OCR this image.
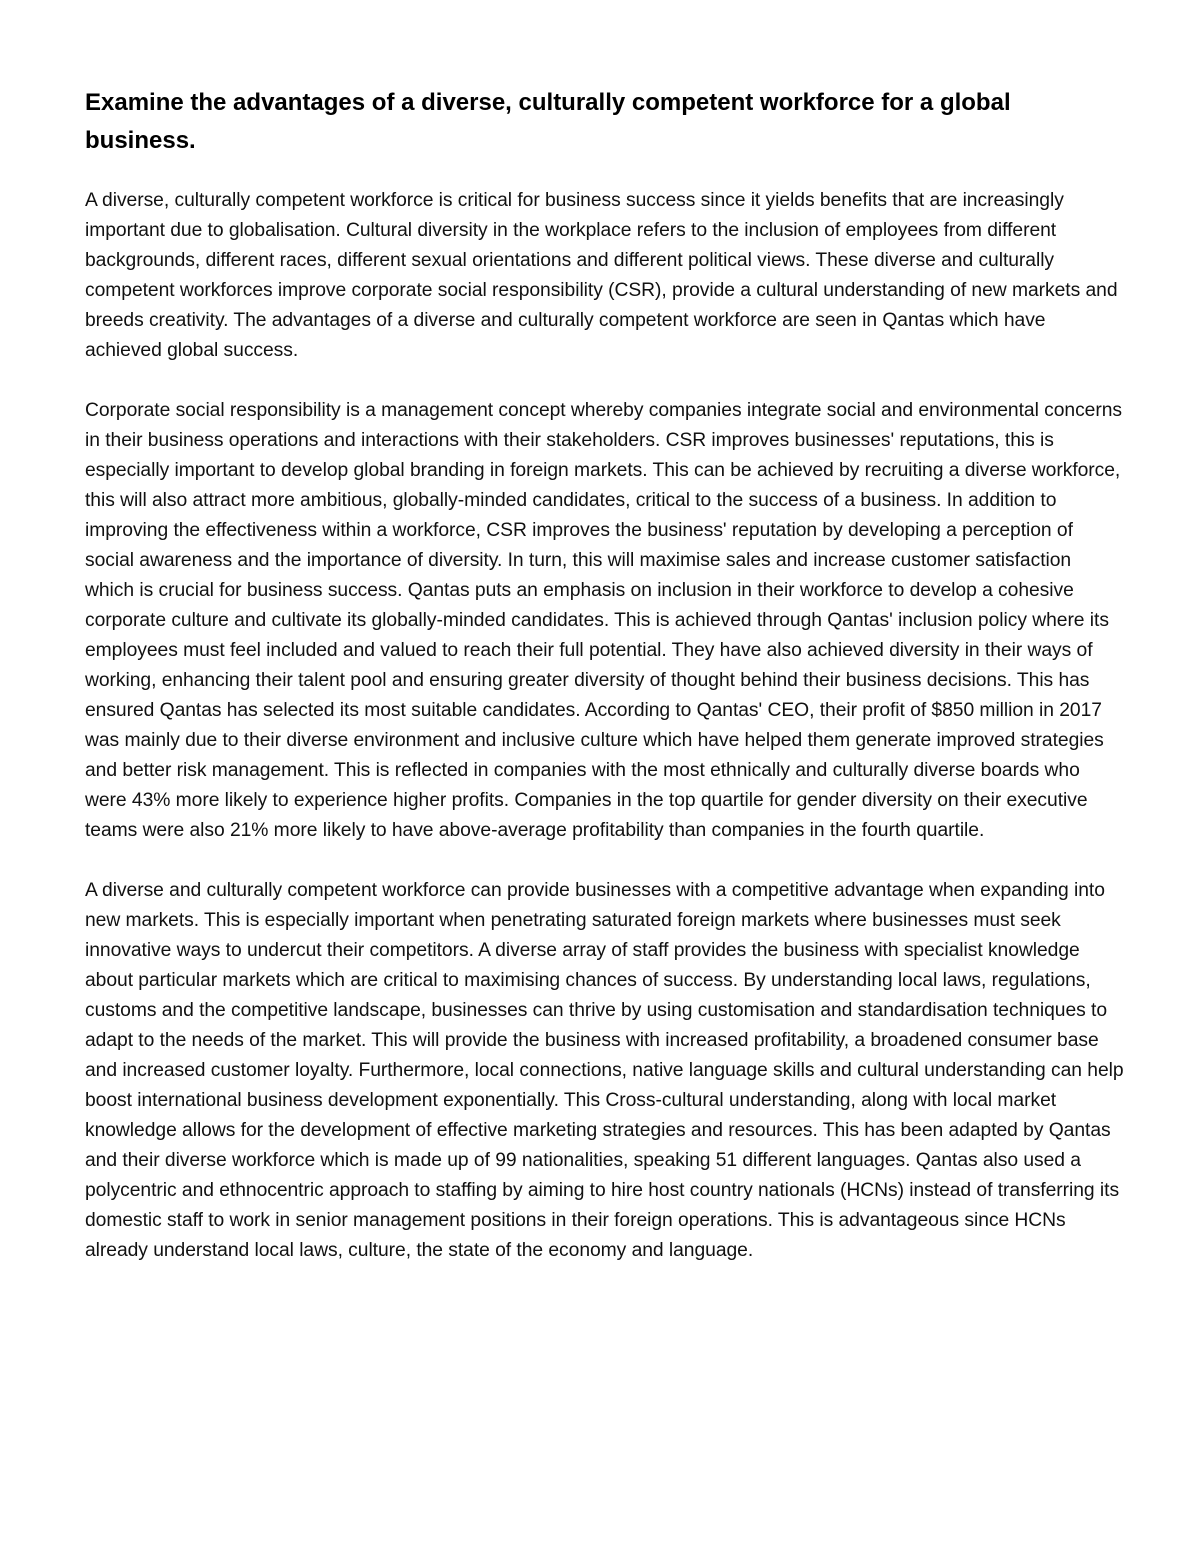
Examine the advantages of a diverse, culturally competent workforce for a global business.

A diverse, culturally competent workforce is critical for business success since it yields benefits that are increasingly important due to globalisation. Cultural diversity in the workplace refers to the inclusion of employees from different backgrounds, different races, different sexual orientations and different political views. These diverse and culturally competent workforces improve corporate social responsibility (CSR), provide a cultural understanding of new markets and breeds creativity. The advantages of a diverse and culturally competent workforce are seen in Qantas which have achieved global success.

Corporate social responsibility is a management concept whereby companies integrate social and environmental concerns in their business operations and interactions with their stakeholders. CSR improves businesses' reputations, this is especially important to develop global branding in foreign markets. This can be achieved by recruiting a diverse workforce, this will also attract more ambitious, globally-minded candidates, critical to the success of a business. In addition to improving the effectiveness within a workforce, CSR improves the business' reputation by developing a perception of social awareness and the importance of diversity. In turn, this will maximise sales and increase customer satisfaction which is crucial for business success. Qantas puts an emphasis on inclusion in their workforce to develop a cohesive corporate culture and cultivate its globally-minded candidates. This is achieved through Qantas' inclusion policy where its employees must feel included and valued to reach their full potential. They have also achieved diversity in their ways of working, enhancing their talent pool and ensuring greater diversity of thought behind their business decisions. This has ensured Qantas has selected its most suitable candidates. According to Qantas' CEO, their profit of $850 million in 2017 was mainly due to their diverse environment and inclusive culture which have helped them generate improved strategies and better risk management. This is reflected in companies with the most ethnically and culturally diverse boards who were 43% more likely to experience higher profits. Companies in the top quartile for gender diversity on their executive teams were also 21% more likely to have above-average profitability than companies in the fourth quartile.

A diverse and culturally competent workforce can provide businesses with a competitive advantage when expanding into new markets. This is especially important when penetrating saturated foreign markets where businesses must seek innovative ways to undercut their competitors. A diverse array of staff provides the business with specialist knowledge about particular markets which are critical to maximising chances of success. By understanding local laws, regulations, customs and the competitive landscape, businesses can thrive by using customisation and standardisation techniques to adapt to the needs of the market. This will provide the business with increased profitability, a broadened consumer base and increased customer loyalty. Furthermore, local connections, native language skills and cultural understanding can help boost international business development exponentially. This Cross-cultural understanding, along with local market knowledge allows for the development of effective marketing strategies and resources. This has been adapted by Qantas and their diverse workforce which is made up of 99 nationalities, speaking 51 different languages. Qantas also used a polycentric and ethnocentric approach to staffing by aiming to hire host country nationals (HCNs) instead of transferring its domestic staff to work in senior management positions in their foreign operations. This is advantageous since HCNs already understand local laws, culture, the state of the economy and language.
